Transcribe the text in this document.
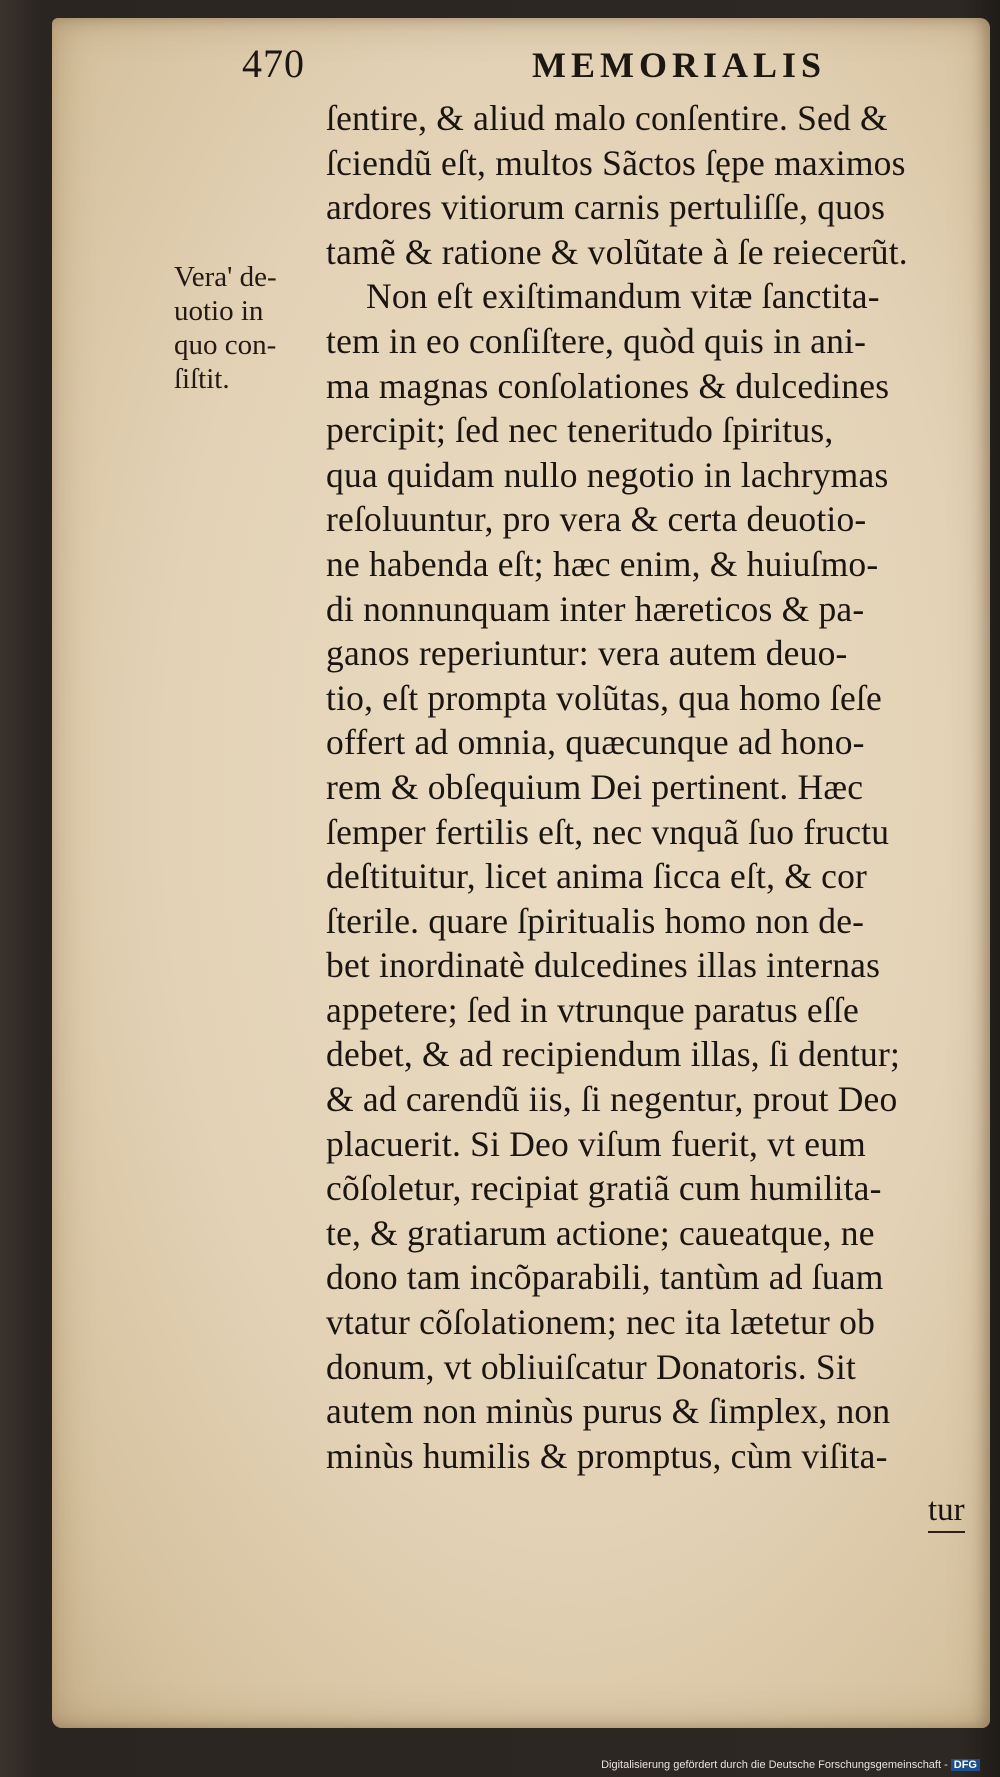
470	MEMORIALIS
Vera' de-
uotio in
quo con-
ſiſtit.
ſentire, & aliud malo conſentire. Sed &
ſciendũ eſt, multos Sãctos ſępe maximos
ardores vitiorum carnis pertuliſſe, quos
tamẽ & ratione & volũtate à ſe reiecerũt.
Non eſt exiſtimandum vitæ ſanctita-
tem in eo conſiſtere, quòd quis in ani-
ma magnas conſolationes & dulcedines
percipit; ſed nec teneritudo ſpiritus,
qua quidam nullo negotio in lachrymas
reſoluuntur, pro vera & certa deuotio-
ne habenda eſt; hæc enim, & huiuſmo-
di nonnunquam inter hæreticos & pa-
ganos reperiuntur: vera autem deuo-
tio, eſt prompta volũtas, qua homo ſeſe
offert ad omnia, quæcunque ad hono-
rem & obſequium Dei pertinent. Hæc
ſemper fertilis eſt, nec vnquã ſuo fructu
deſtituitur, licet anima ſicca eſt, & cor
ſterile. quare ſpiritualis homo non de-
bet inordinatè dulcedines illas internas
appetere; ſed in vtrunque paratus eſſe
debet, & ad recipiendum illas, ſi dentur;
& ad carendũ iis, ſi negentur, prout Deo
placuerit. Si Deo viſum fuerit, vt eum
cõſoletur, recipiat gratiã cum humilita-
te, & gratiarum actione; caueatque, ne
dono tam incõparabili, tantùm ad ſuam
vtatur cõſolationem; nec ita lætetur ob
donum, vt obliuiſcatur Donatoris. Sit
autem non minùs purus & ſimplex, non
minùs humilis & promptus, cùm viſita-
tur
Digitalisierung gefördert durch die Deutsche Forschungsgemeinschaft - DFG
